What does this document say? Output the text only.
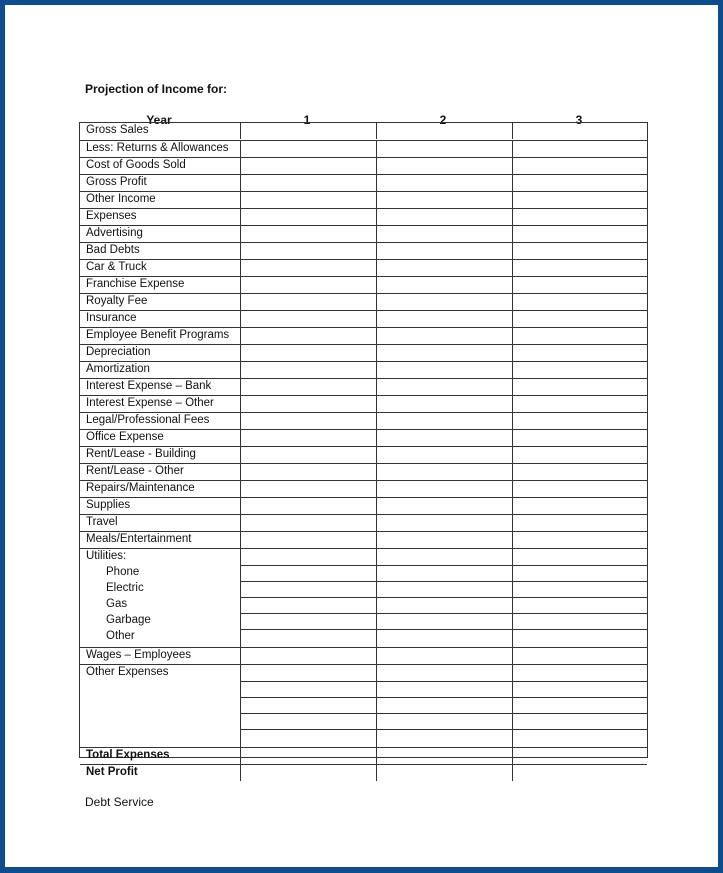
Projection of Income for:
Year	1	2	3
Gross Sales
Less: Returns & Allowances
Cost of Goods Sold
Gross Profit
Other Income
Expenses
Advertising
Bad Debts
Car & Truck
Franchise Expense
Royalty Fee
Insurance
Employee Benefit Programs
Depreciation
Amortization
Interest Expense – Bank
Interest Expense – Other
Legal/Professional Fees
Office Expense
Rent/Lease - Building
Rent/Lease - Other
Repairs/Maintenance
Supplies
Travel
Meals/Entertainment
Utilities:
Phone
Electric
Gas
Garbage
Other
Wages – Employees
Other Expenses
Total Expenses
Net Profit
Debt Service
